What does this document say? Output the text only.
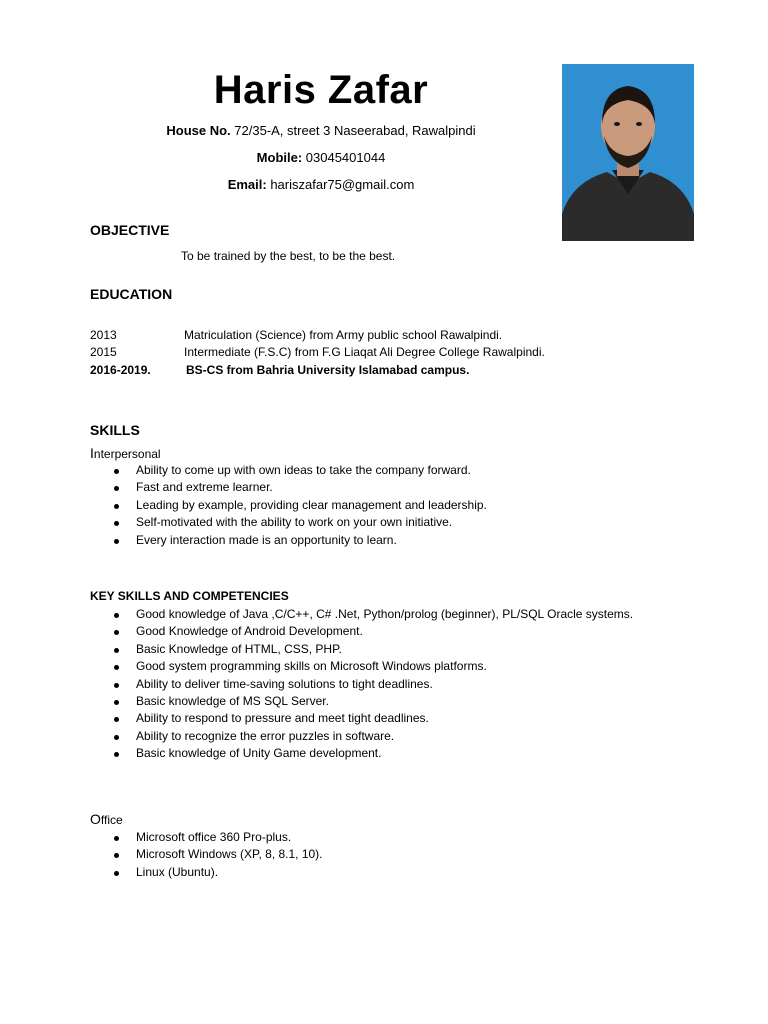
Haris Zafar
House No. 72/35-A, street 3 Naseerabad, Rawalpindi
Mobile: 03045401044
Email: hariszafar75@gmail.com
OBJECTIVE
To be trained by the best, to be the best.
EDUCATION
2013	Matriculation (Science) from Army public school Rawalpindi.
2015	Intermediate (F.S.C) from F.G Liaqat Ali Degree College Rawalpindi.
2016-2019.	BS-CS from Bahria University Islamabad campus.
SKILLS
Interpersonal
Ability to come up with own ideas to take the company forward.
Fast and extreme learner.
Leading by example, providing clear management and leadership.
Self-motivated with the ability to work on your own initiative.
Every interaction made is an opportunity to learn.
KEY SKILLS AND COMPETENCIES
Good knowledge of Java ,C/C++, C# .Net, Python/prolog (beginner), PL/SQL Oracle systems.
Good Knowledge of Android Development.
Basic Knowledge of HTML, CSS, PHP.
Good system programming skills on Microsoft Windows platforms.
Ability to deliver time-saving solutions to tight deadlines.
Basic knowledge of MS SQL Server.
Ability to respond to pressure and meet tight deadlines.
Ability to recognize the error puzzles in software.
Basic knowledge of Unity Game development.
Office
Microsoft office 360 Pro-plus.
Microsoft Windows (XP, 8, 8.1, 10).
Linux (Ubuntu).
